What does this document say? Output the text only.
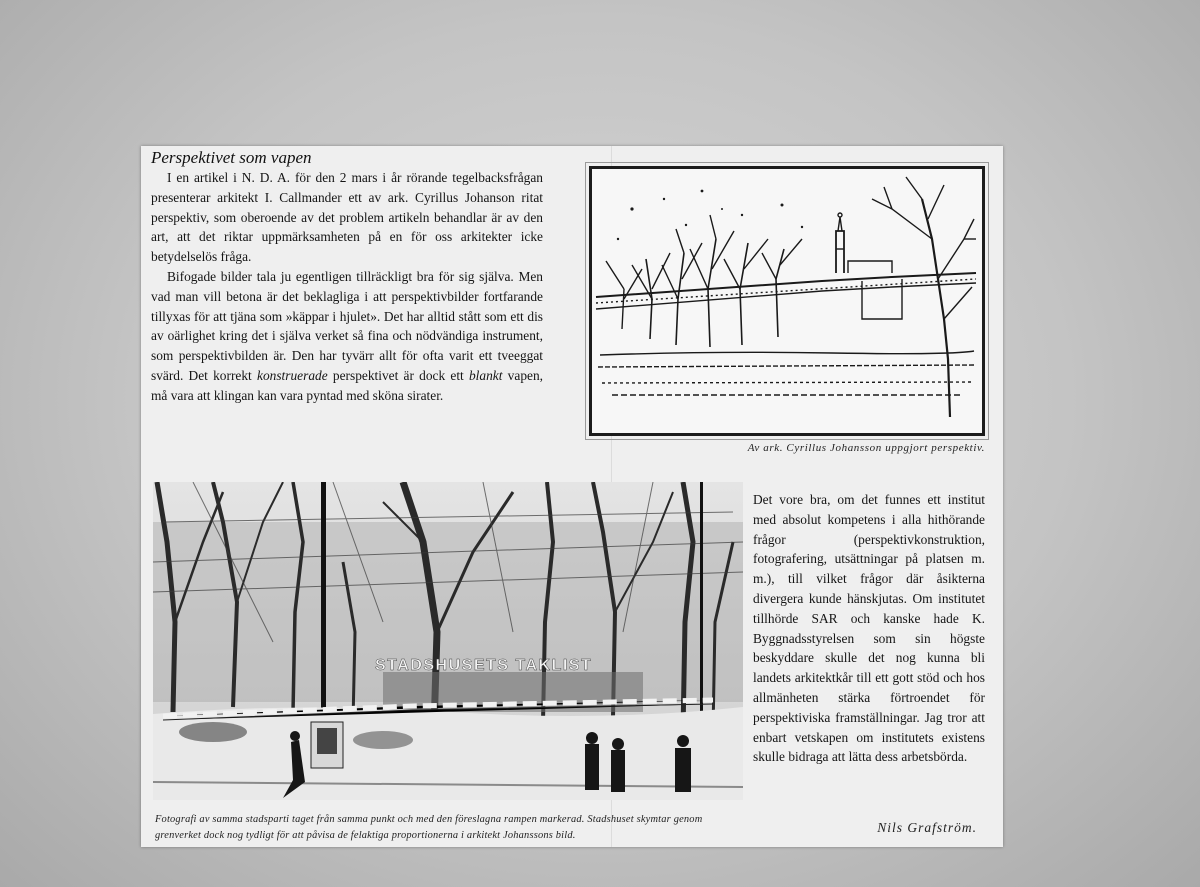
Perspektivet som vapen

I en artikel i N. D. A. för den 2 mars i år rörande tegelbacksfrågan presenterar arkitekt I. Callmander ett av ark. Cyrillus Johanson ritat perspektiv, som oberoende av det problem artikeln behandlar är av den art, att det riktar uppmärksamheten på en för oss arkitekter icke betydelselös fråga.

Bifogade bilder tala ju egentligen tillräckligt bra för sig själva. Men vad man vill betona är det beklagliga i att perspektivbilder fortfarande tillyxas för att tjäna som »käppar i hjulet». Det har alltid stått som ett dis av oärlighet kring det i själva verket så fina och nödvändiga instrument, som perspektivbilden är. Den har tyvärr allt för ofta varit ett tveeggat svärd. Det korrekt konstruerade perspektivet är dock ett blankt vapen, må vara att klingan kan vara pyntad med sköna sirater.

Av ark. Cyrillus Johansson uppgjort perspektiv.
STADSHUSETS TAKLIST
Fotografi av samma stadsparti taget från samma punkt och med den föreslagna rampen markerad. Stadshuset skymtar genom grenverket dock nog tydligt för att påvisa de felaktiga proportionerna i arkitekt Johanssons bild.

Det vore bra, om det funnes ett institut med absolut kompetens i alla hithörande frågor (perspektivkonstruktion, fotografering, utsättningar på platsen m. m.), till vilket frågor där åsikterna divergera kunde hänskjutas. Om institutet tillhörde SAR och kanske hade K. Byggnadsstyrelsen som sin högste beskyddare skulle det nog kunna bli landets arkitektkår till ett gott stöd och hos allmänheten stärka förtroendet för perspektiviska framställningar. Jag tror att enbart vetskapen om institutets existens skulle bidraga att lätta dess arbetsbörda.

Nils Grafström.
